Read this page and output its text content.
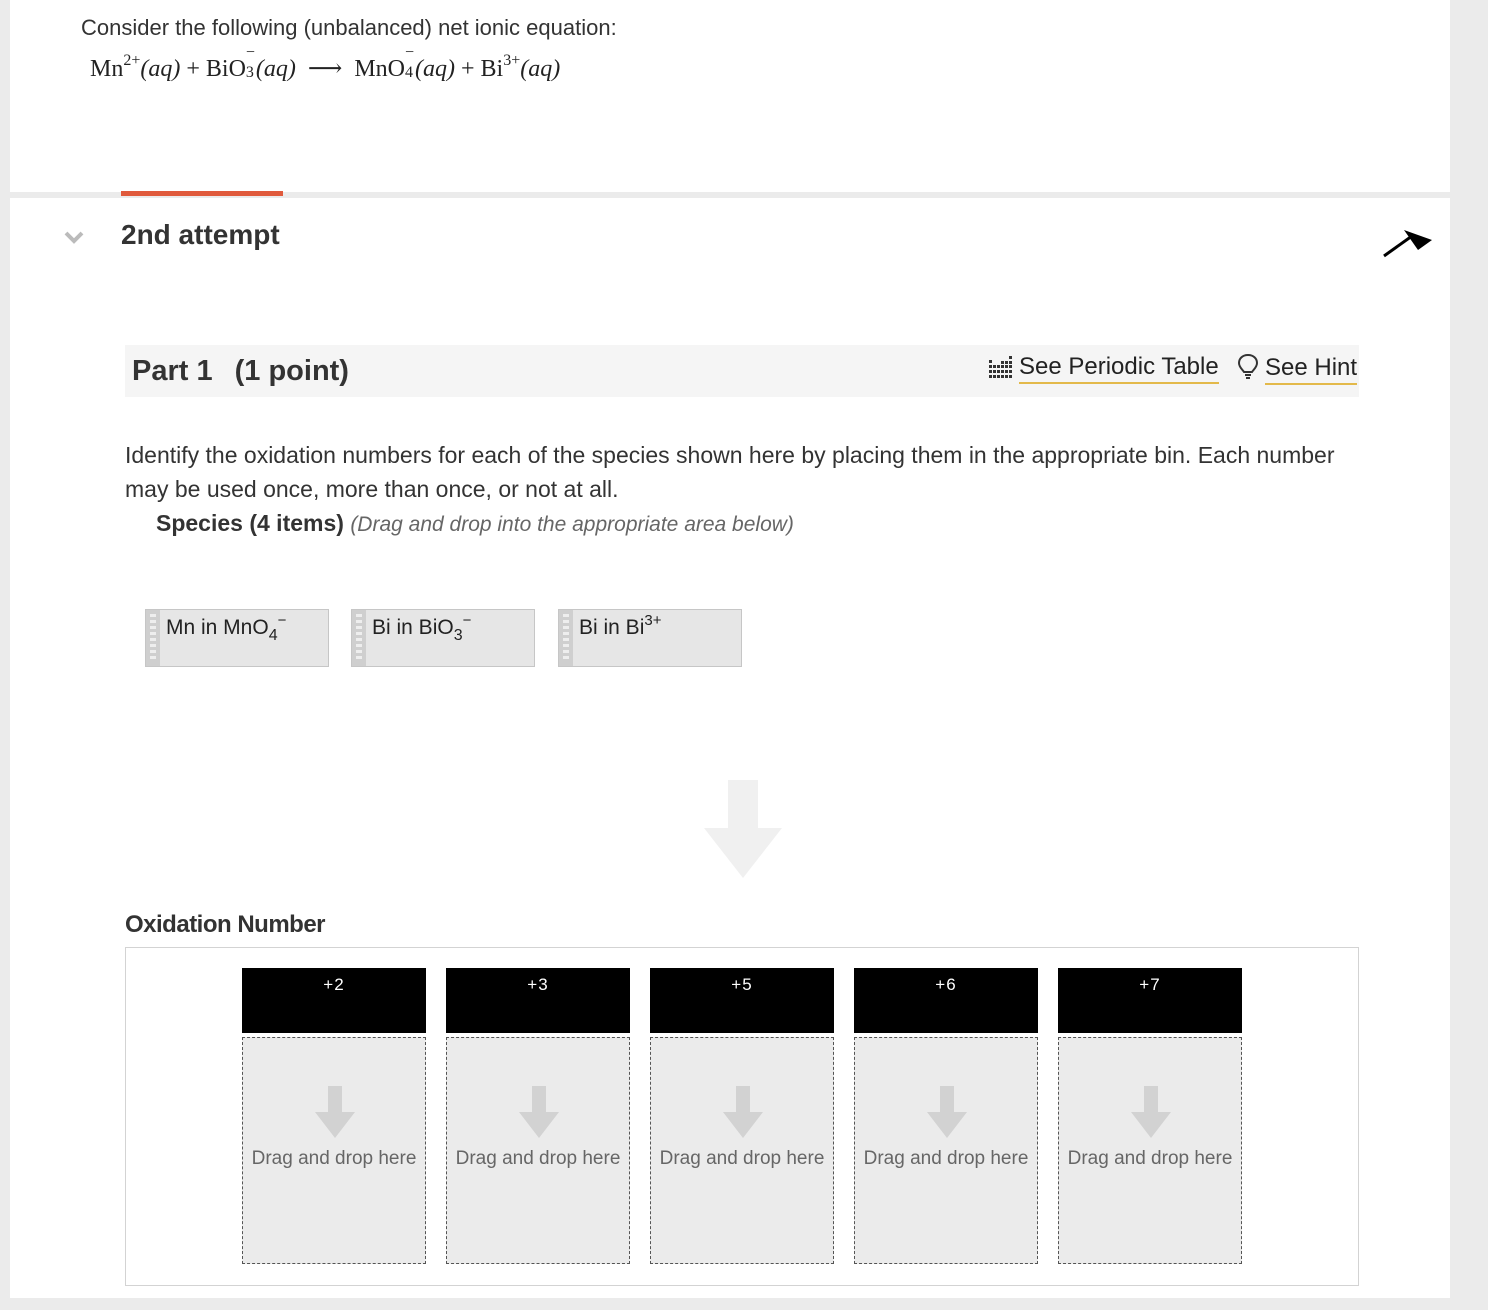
Consider the following (unbalanced) net ionic equation:
$Mn^{2+}(aq)$ + BiO
−
3 (aq) ⟶ MnO
−
4 $(aq) + Bi^{3+}(aq)$
2nd attempt
Part 1 (1 point)	See Periodic Table	See Hint
Identify the oxidation numbers for each of the species shown here by placing them in the appropriate bin. Each number may be used once, more than once, or not at all.
Species (4 items) (Drag and drop into the appropriate area below)
Mn in MnO$_4$−	Bi in BiO$_3$−	Bi in $Bi^{3+}$
Oxidation Number
+2
Drag and drop here
+3
Drag and drop here
+5
Drag and drop here
+6
Drag and drop here
+7
Drag and drop here
